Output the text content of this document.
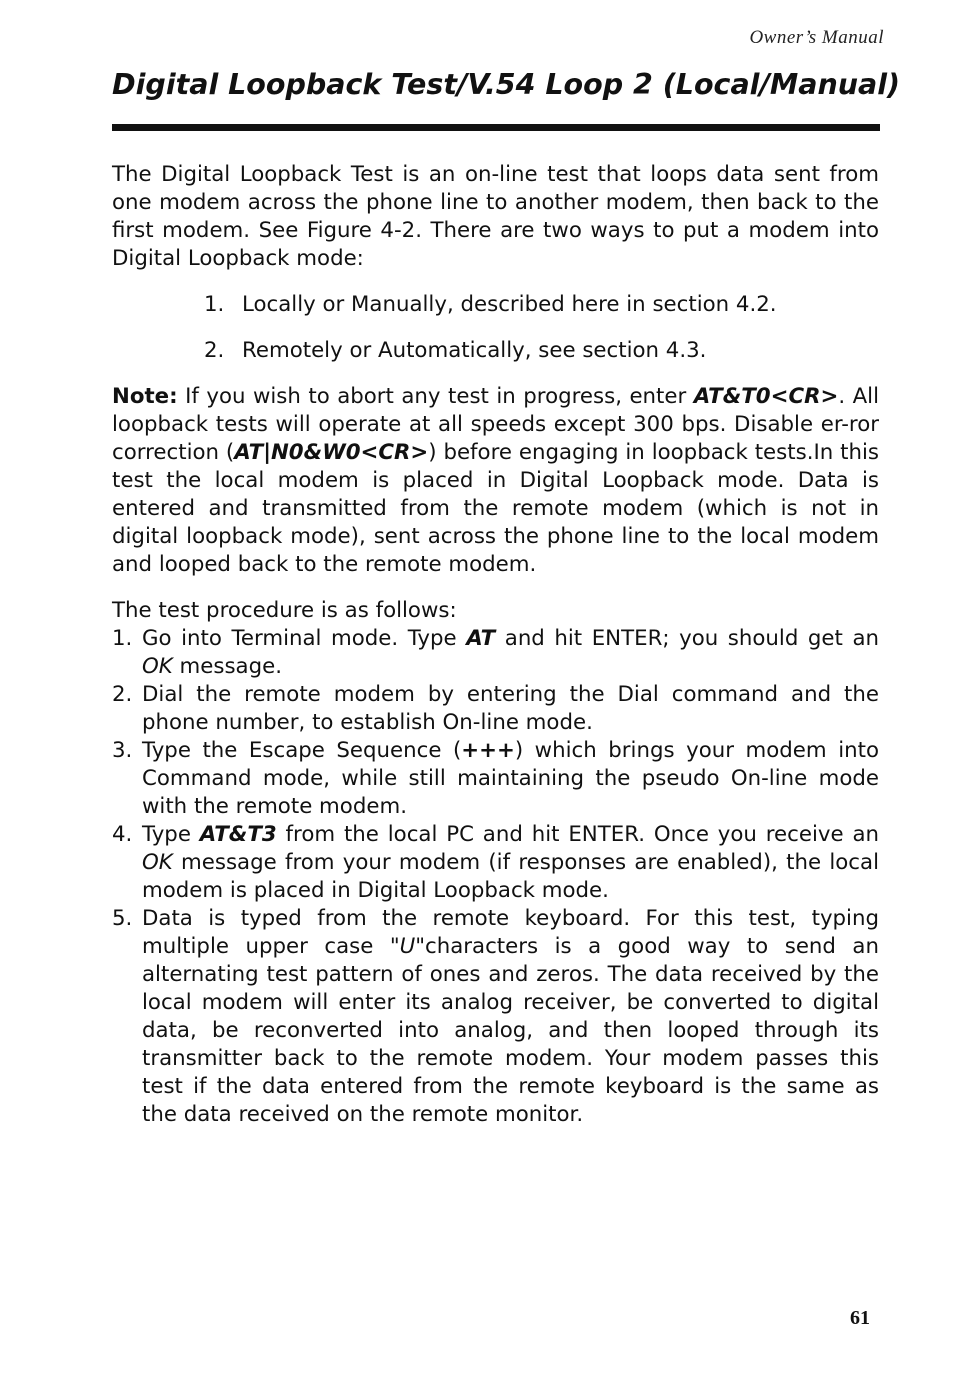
Owner’s Manual
Digital Loopback Test/V.54 Loop 2 (Local/Manual)

The Digital Loopback Test is an on-line test that loops data sent from one modem across the phone line to another modem, then back to the first modem. See Figure 4-2. There are two ways to put a modem into Digital Loopback mode:

1. Locally or Manually, described here in section 4.2.
2. Remotely or Automatically, see section 4.3.

Note: If you wish to abort any test in progress, enter AT&T0<CR>. All loopback tests will operate at all speeds except 300 bps. Disable er-ror correction (AT|N0&W0<CR>) before engaging in loopback tests.In this test the local modem is placed in Digital Loopback mode. Data is entered and transmitted from the remote modem (which is not in digital loopback mode), sent across the phone line to the local modem and looped back to the remote modem.

The test procedure is as follows:

1. Go into Terminal mode. Type AT and hit ENTER; you should get an OK message.
2. Dial the remote modem by entering the Dial command and the phone number, to establish On-line mode.
3. Type the Escape Sequence (+++) which brings your modem into Command mode, while still maintaining the pseudo On-line mode with the remote modem.
4. Type AT&T3 from the local PC and hit ENTER. Once you receive an OK message from your modem (if responses are enabled), the local modem is placed in Digital Loopback mode.
5. Data is typed from the remote keyboard. For this test, typing multiple upper case "U"characters is a good way to send an alternating test pattern of ones and zeros. The data received by the local modem will enter its analog receiver, be converted to digital data, be reconverted into analog, and then looped through its transmitter back to the remote modem. Your modem passes this test if the data entered from the remote keyboard is the same as the data received on the remote monitor.
61
